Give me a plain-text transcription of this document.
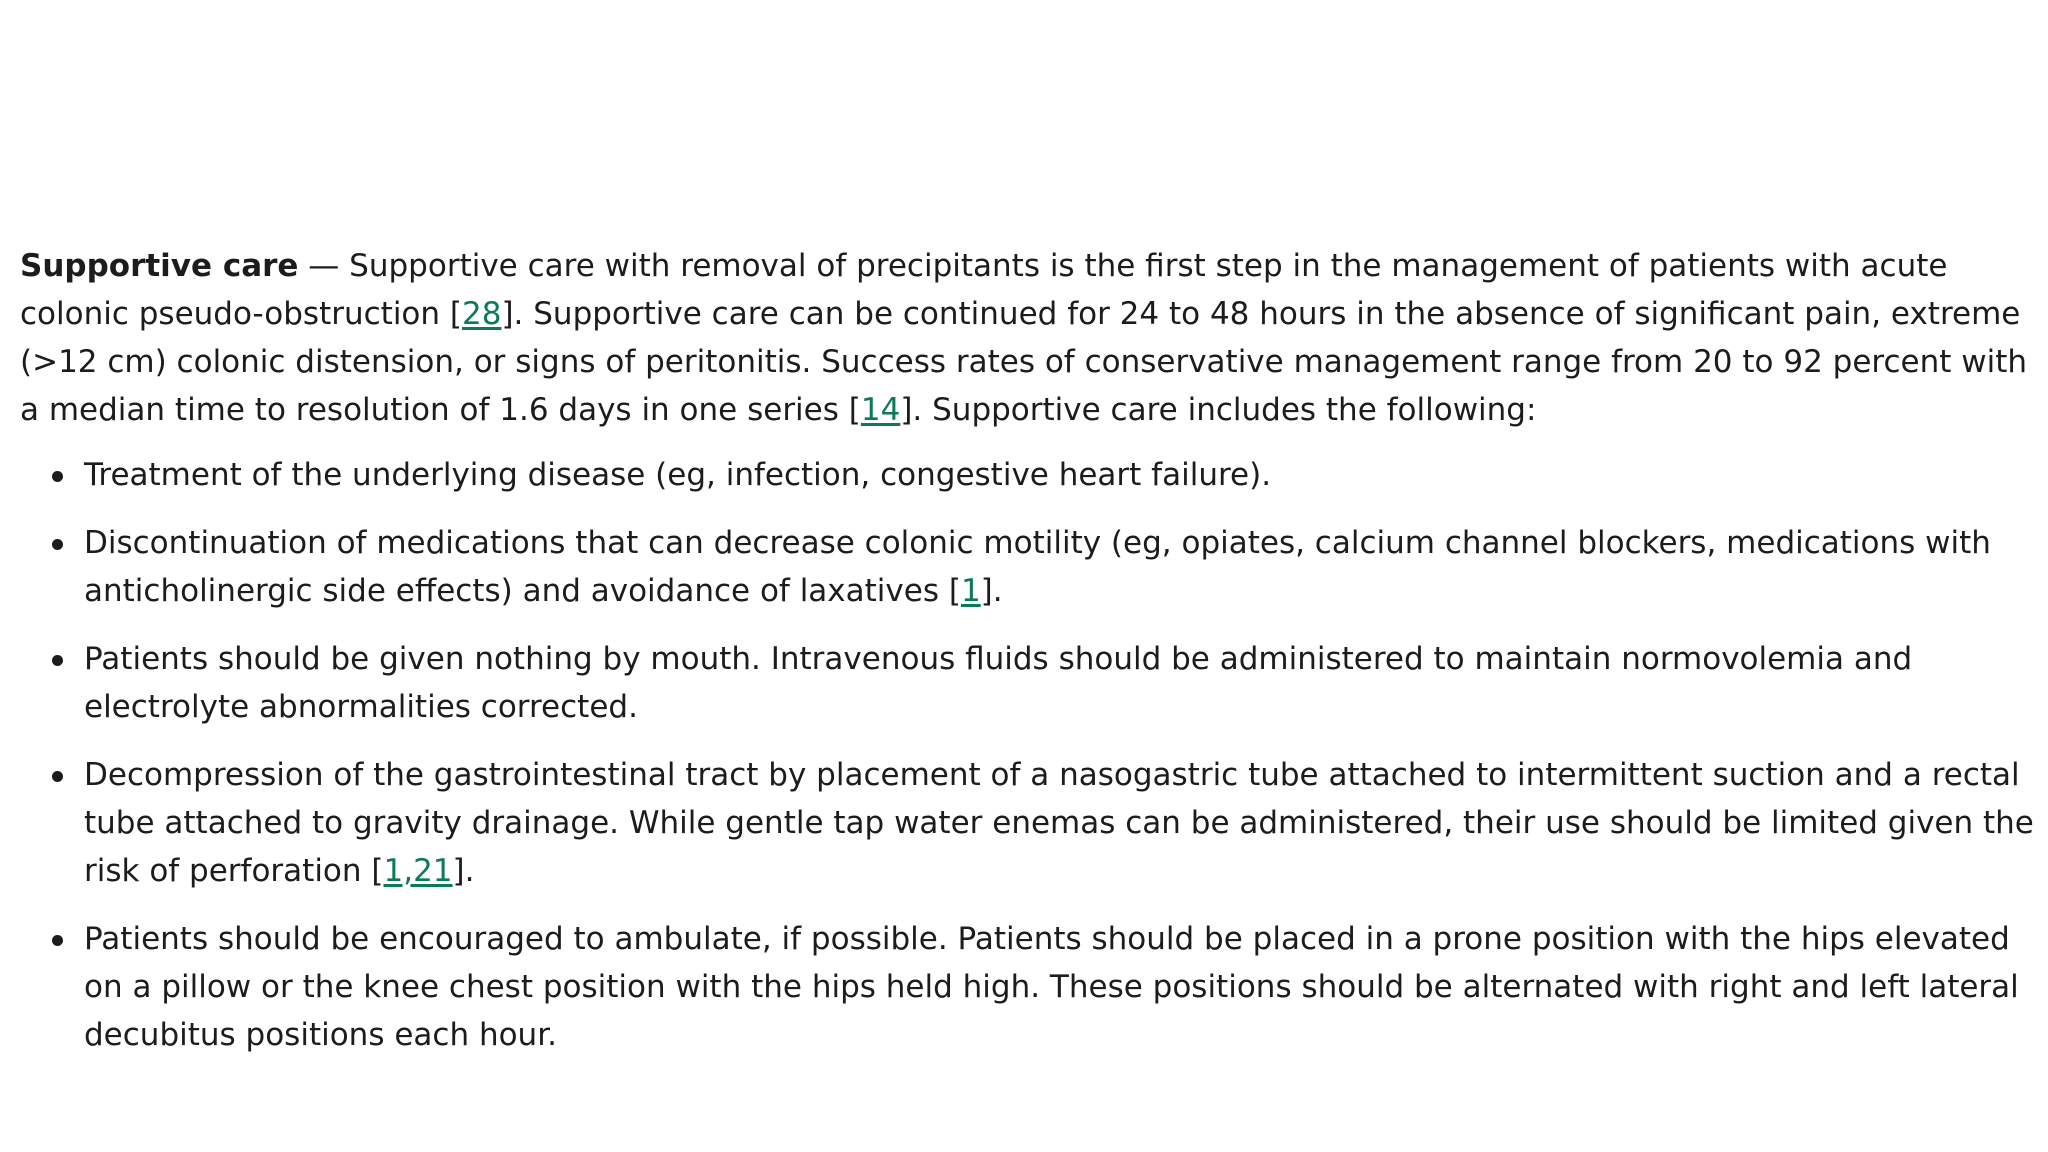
Supportive care — Supportive care with removal of precipitants is the first step in the management of patients with acute colonic pseudo-obstruction [28]. Supportive care can be continued for 24 to 48 hours in the absence of significant pain, extreme (>12 cm) colonic distension, or signs of peritonitis. Success rates of conservative management range from 20 to 92 percent with a median time to resolution of 1.6 days in one series [14]. Supportive care includes the following:

Treatment of the underlying disease (eg, infection, congestive heart failure).
Discontinuation of medications that can decrease colonic motility (eg, opiates, calcium channel blockers, medications with anticholinergic side effects) and avoidance of laxatives [1].
Patients should be given nothing by mouth. Intravenous fluids should be administered to maintain normovolemia and electrolyte abnormalities corrected.
Decompression of the gastrointestinal tract by placement of a nasogastric tube attached to intermittent suction and a rectal tube attached to gravity drainage. While gentle tap water enemas can be administered, their use should be limited given the risk of perforation [1,21].
Patients should be encouraged to ambulate, if possible. Patients should be placed in a prone position with the hips elevated on a pillow or the knee chest position with the hips held high. These positions should be alternated with right and left lateral decubitus positions each hour.
